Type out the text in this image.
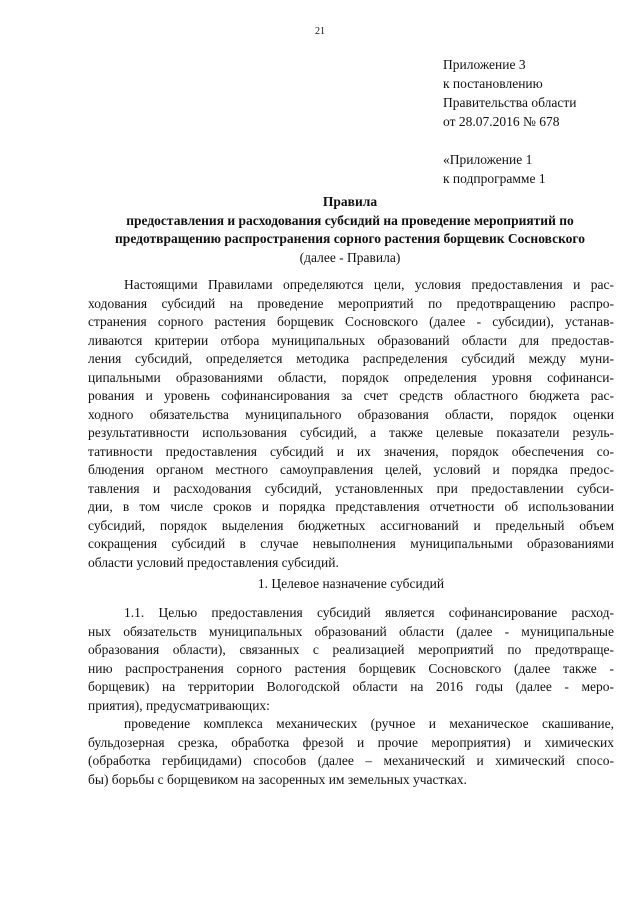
21
Приложение 3
к постановлению
Правительства области
от 28.07.2016 № 678
«Приложение 1
к подпрограмме 1
Правила
предоставления и расходования субсидий на проведение мероприятий по
предотвращению распространения сорного растения борщевик Сосновского
(далее - Правила)
Настоящими Правилами определяются цели, условия предоставления и рас-
ходования субсидий на проведение мероприятий по предотвращению распро-
странения сорного растения борщевик Сосновского (далее - субсидии), устанав-
ливаются критерии отбора муниципальных образований области для предостав-
ления субсидий, определяется методика распределения субсидий между муни-
ципальными образованиями области, порядок определения уровня софинанси-
рования и уровень софинансирования за счет средств областного бюджета рас-
ходного обязательства муниципального образования области, порядок оценки
результативности использования субсидий, а также целевые показатели резуль-
тативности предоставления субсидий и их значения, порядок обеспечения со-
блюдения органом местного самоуправления целей, условий и порядка предос-
тавления и расходования субсидий, установленных при предоставлении субси-
дии, в том числе сроков и порядка представления отчетности об использовании
субсидий, порядок выделения бюджетных ассигнований и предельный объем
сокращения субсидий в случае невыполнения муниципальными образованиями
области условий предоставления субсидий.
1. Целевое назначение субсидий
1.1. Целью предоставления субсидий является софинансирование расход-
ных обязательств муниципальных образований области (далее - муниципальные
образования области), связанных с реализацией мероприятий по предотвраще-
нию распространения сорного растения борщевик Сосновского (далее также -
борщевик) на территории Вологодской области на 2016 годы (далее - меро-
приятия), предусматривающих:
проведение комплекса механических (ручное и механическое скашивание,
бульдозерная срезка, обработка фрезой и прочие мероприятия) и химических
(обработка гербицидами) способов (далее – механический и химический спосо-
бы) борьбы с борщевиком на засоренных им земельных участках.
